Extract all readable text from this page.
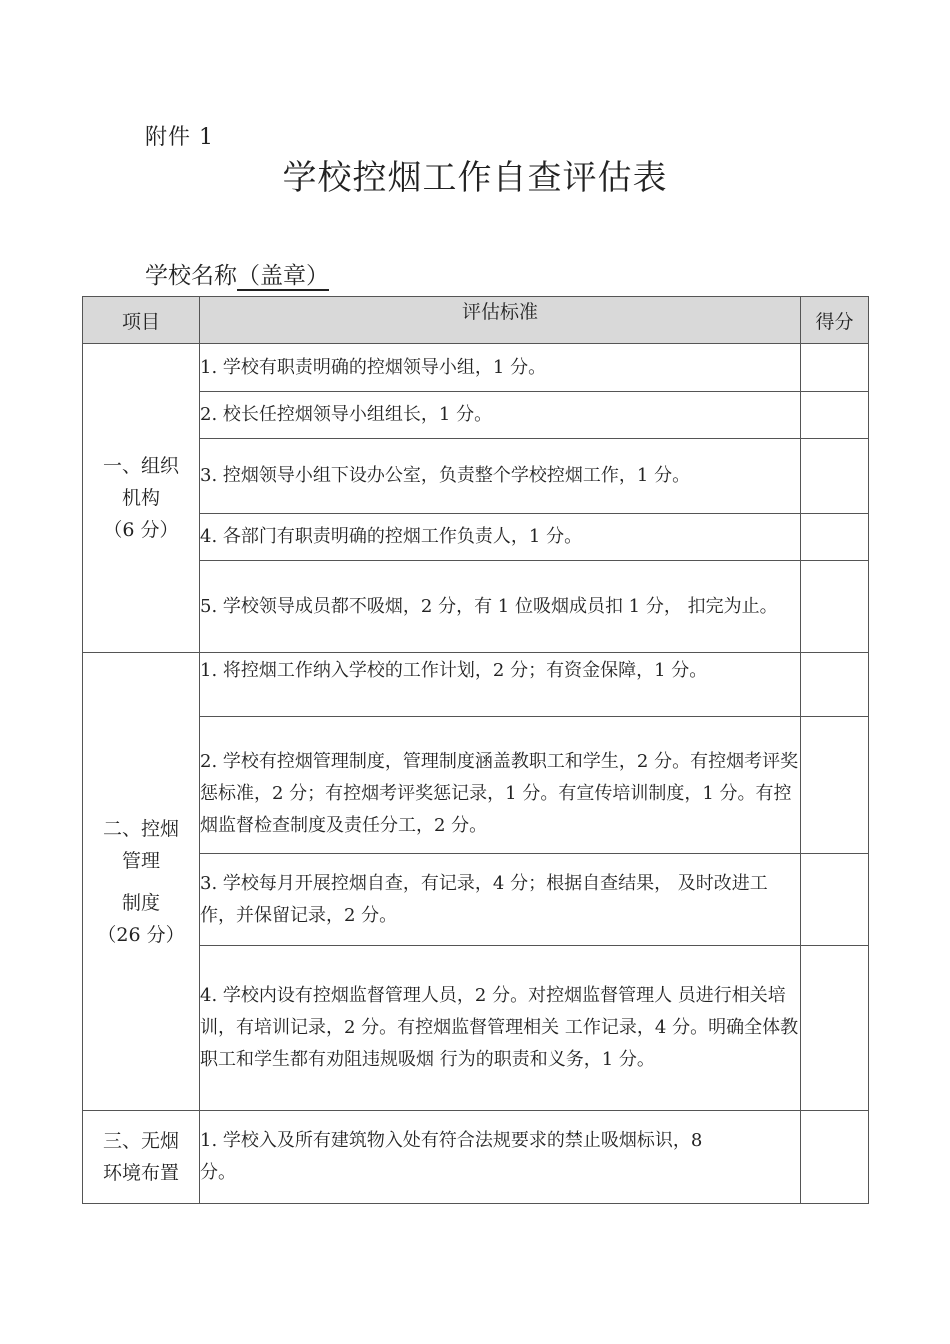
附件 1
学校控烟工作自查评估表
学校名称（盖章）
项目	评估标准	得分

一、组织
机构
（6 分）	1. 学校有职责明确的控烟领导小组，1 分。	
	2. 校长任控烟领导小组组长，1 分。	
	3. 控烟领导小组下设办公室，负责整个学校控烟工作，1 分。	
	4. 各部门有职责明确的控烟工作负责人，1 分。	
	5. 学校领导成员都不吸烟，2 分，有 1 位吸烟成员扣 1 分， 扣完为止。	

二、控烟
管理
制度
（26 分）	1. 将控烟工作纳入学校的工作计划，2 分；有资金保障，1 分。	
	2. 学校有控烟管理制度，管理制度涵盖教职工和学生，2 分。有控烟考评奖惩标准，2 分；有控烟考评奖惩记录，1 分。有宣传培训制度，1 分。有控烟监督检查制度及责任分工，2 分。	
	3. 学校每月开展控烟自查，有记录，4 分；根据自查结果， 及时改进工作，并保留记录，2 分。	
	4. 学校内设有控烟监督管理人员，2 分。对控烟监督管理人 员进行相关培训，有培训记录，2 分。有控烟监督管理相关 工作记录，4 分。明确全体教职工和学生都有劝阻违规吸烟 行为的职责和义务，1 分。	

三、无烟
环境布置	1. 学校入及所有建筑物入处有符合法规要求的禁止吸烟标识，8 分。	
